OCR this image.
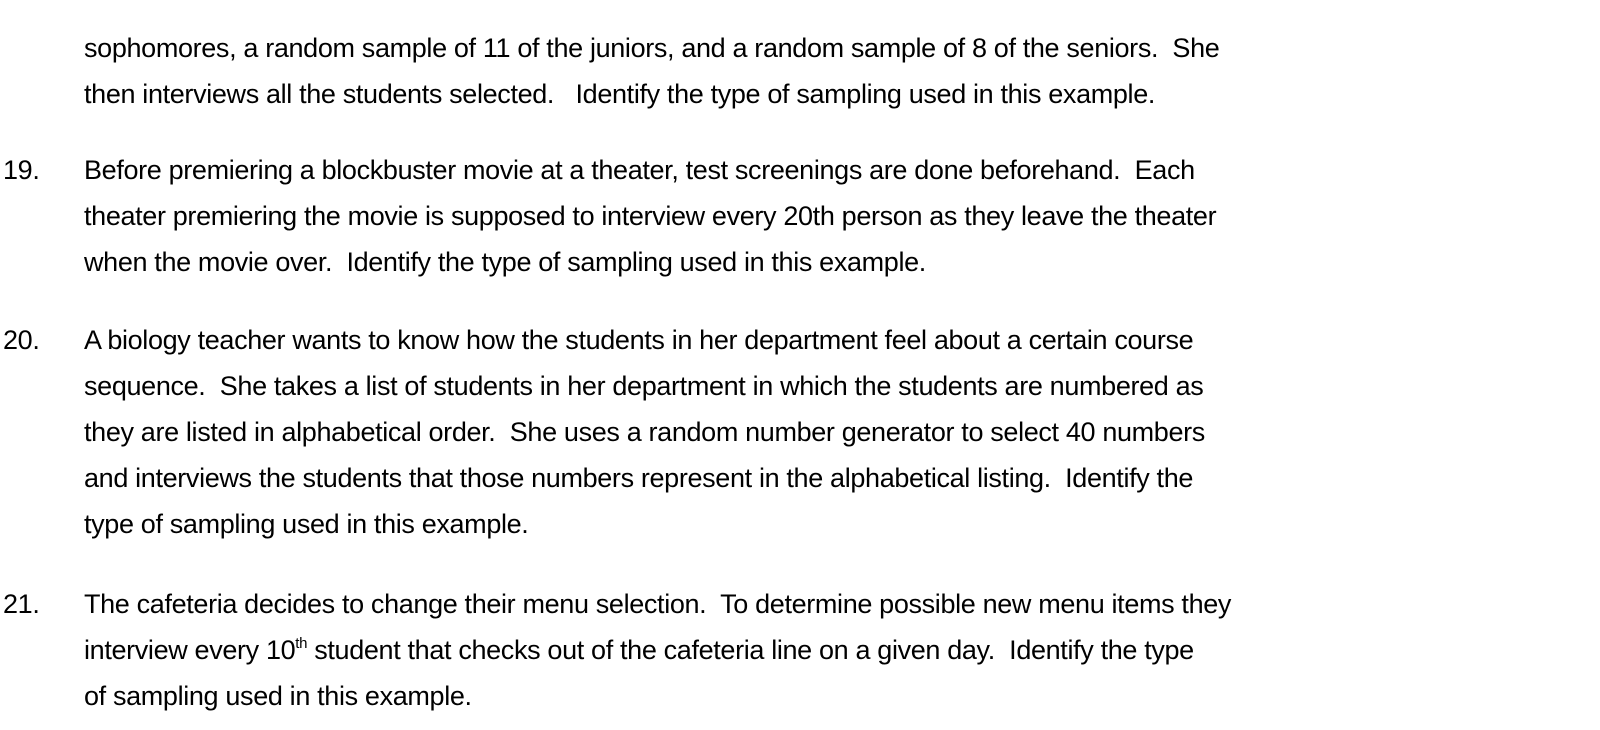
sophomores, a random sample of 11 of the juniors, and a random sample of 8 of the seniors.  She
then interviews all the students selected.   Identify the type of sampling used in this example.
19. Before premiering a blockbuster movie at a theater, test screenings are done beforehand.  Each
theater premiering the movie is supposed to interview every 20th person as they leave the theater
when the movie over.  Identify the type of sampling used in this example.
20. A biology teacher wants to know how the students in her department feel about a certain course
sequence.  She takes a list of students in her department in which the students are numbered as
they are listed in alphabetical order.  She uses a random number generator to select 40 numbers
and interviews the students that those numbers represent in the alphabetical listing.  Identify the
type of sampling used in this example.
21. The cafeteria decides to change their menu selection.  To determine possible new menu items they
interview every 10th student that checks out of the cafeteria line on a given day.  Identify the type
of sampling used in this example.
